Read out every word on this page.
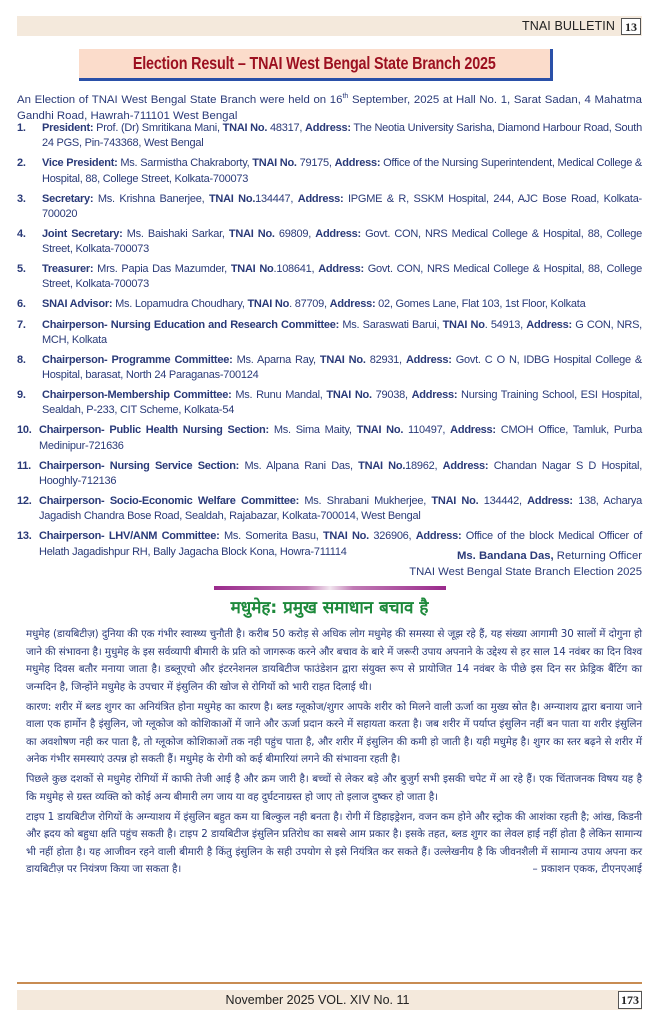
TNAI BULLETIN 13
Election Result – TNAI West Bengal State Branch 2025

An Election of TNAI West Bengal State Branch were held on 16th September, 2025 at Hall No. 1, Sarat Sadan, 4 Mahatma Gandhi Road, Hawrah-711101 West Bengal

1. President: Prof. (Dr) Smritikana Mani, TNAI No. 48317, Address: The Neotia University Sarisha, Diamond Harbour Road, South 24 PGS, Pin-743368, West Bengal
2. Vice President: Ms. Sarmistha Chakraborty, TNAI No. 79175, Address: Office of the Nursing Superintendent, Medical College & Hospital, 88, College Street, Kolkata-700073
3. Secretary: Ms. Krishna Banerjee, TNAI No.134447, Address: IPGME & R, SSKM Hospital, 244, AJC Bose Road, Kolkata-700020
4. Joint Secretary: Ms. Baishaki Sarkar, TNAI No. 69809, Address: Govt. CON, NRS Medical College & Hospital, 88, College Street, Kolkata-700073
5. Treasurer: Mrs. Papia Das Mazumder, TNAI No.108641, Address: Govt. CON, NRS Medical College & Hospital, 88, College Street, Kolkata-700073
6. SNAI Advisor: Ms. Lopamudra Choudhary, TNAI No. 87709, Address: 02, Gomes Lane, Flat 103, 1st Floor, Kolkata
7. Chairperson- Nursing Education and Research Committee: Ms. Saraswati Barui, TNAI No. 54913, Address: G CON, NRS, MCH, Kolkata
8. Chairperson- Programme Committee: Ms. Aparna Ray, TNAI No. 82931, Address: Govt. C O N, IDBG Hospital College & Hospital, barasat, North 24 Paraganas-700124
9. Chairperson-Membership Committee: Ms. Runu Mandal, TNAI No. 79038, Address: Nursing Training School, ESI Hospital, Sealdah, P-233, CIT Scheme, Kolkata-54
10. Chairperson- Public Health Nursing Section: Ms. Sima Maity, TNAI No. 110497, Address: CMOH Office, Tamluk, Purba Medinipur-721636
11. Chairperson- Nursing Service Section: Ms. Alpana Rani Das, TNAI No.18962, Address: Chandan Nagar S D Hospital, Hooghly-712136
12. Chairperson- Socio-Economic Welfare Committee: Ms. Shrabani Mukherjee, TNAI No. 134442, Address: 138, Acharya Jagadish Chandra Bose Road, Sealdah, Rajabazar, Kolkata-700014, West Bengal
13. Chairperson- LHV/ANM Committee: Ms. Somerita Basu, TNAI No. 326906, Address: Office of the block Medical Officer of Helath Jagadishpur RH, Bally Jagacha Block Kona, Howra-711114	Ms. Bandana Das, Returning Officer
TNAI West Bengal State Branch Election 2025
मधुमेह: प्रमुख समाधान बचाव है

मधुमेह (डायबिटीज़) दुनिया की एक गंभीर स्वास्थ्य चुनौती है। करीब 50 करोड़ से अधिक लोग मधुमेह की समस्या से जूझ रहे हैं, यह संख्या आगामी 30 सालों में दोगुना हो जाने की संभावना है। मुधुमेह के इस सर्वव्यापी बीमारी के प्रति को जागरूक करने और बचाव के बारे में जरूरी उपाय अपनाने के उद्देश्य से हर साल 14 नवंबर का दिन विश्व मधुमेह दिवस बतौर मनाया जाता है। डब्लूएचो और इंटरनेशनल डायबिटीज फाउंडेशन द्वारा संयुक्त रूप से प्रायोजित 14 नवंबर के पीछे इस दिन सर फ्रेड्रिक बैंटिंग का जन्मदिन है, जिन्होंने मधुमेह के उपचार में इंसुलिन की खोज से रोगियों को भारी राहत दिलाई थी।

कारण: शरीर में ब्लड शुगर का अनियंत्रित होना मधुमेह का कारण है। ब्लड ग्लूकोज/शुगर आपके शरीर को मिलने वाली ऊर्जा का मुख्य स्रोत है। अग्न्याशय द्वारा बनाया जाने वाला एक हार्मोन है इंसुलिन, जो ग्लूकोज को कोशिकाओं में जाने और ऊर्जा प्रदान करने में सहायता करता है। जब शरीर में पर्याप्त इंसुलिन नहीं बन पाता या शरीर इंसुलिन का अवशोषण नही कर पाता है, तो ग्लूकोज कोशिकाओं तक नही पहुंच पाता है, और शरीर में इंसुलिन की कमी हो जाती है। यही मधुमेह है। शुगर का स्तर बढ़ने से शरीर में अनेक गंभीर समस्याएं उत्पन्न हो सकती हैं। मधुमेह के रोगी को कई बीमारियां लगने की संभावना रहती है।

पिछले कुछ दशकों से मधुमेह रोगियों में काफी तेजी आई है और क्रम जारी है। बच्चों से लेकर बड़े और बुजुर्ग सभी इसकी चपेट में आ रहे हैं। एक चिंताजनक विषय यह है कि मधुमेह से ग्रस्त व्यक्ति को कोई अन्य बीमारी लग जाय या वह दुर्घटनाग्रस्त हो जाए तो इलाज दुष्कर हो जाता है।

टाइप 1 डायबिटीज रोगियों के अग्न्याशय में इंसुलिन बहुत कम या बिल्कुल नही बनता है। रोगी में डिहाइड्रेशन, वजन कम होने और स्ट्रोक की आशंका रहती है; आंख, किडनी और ह्रदय को बहुधा क्षति पहुंच सकती है। टाइप 2 डायबिटीज इंसुलिन प्रतिरोध का सबसे आम प्रकार है। इसके तहत, ब्लड शुगर का लेवल हाई नहीं होता है लेकिन सामान्य भी नहीं होता है। यह आजीवन रहने वाली बीमारी है किंतु इंसुलिन के सही उपयोग से इसे नियंत्रित कर सकते हैं। उल्लेखनीय है कि जीवनशैली में सामान्य उपाय अपना कर डायबिटीज़ पर नियंत्रण किया जा सकता है।	– प्रकाशन एकक, टीएनएआई
November 2025 VOL. XIV No. 11	173
